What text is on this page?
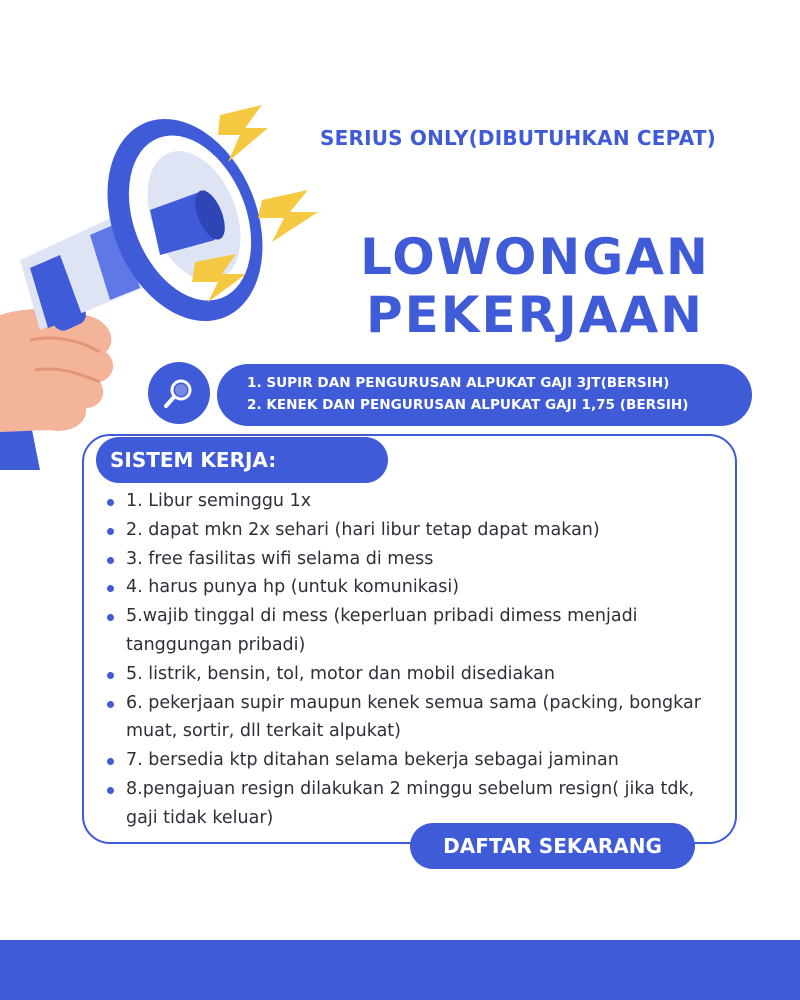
SERIUS ONLY(DIBUTUHKAN CEPAT)
LOWONGAN
PEKERJAAN
1. SUPIR DAN PENGURUSAN ALPUKAT GAJI 3JT(BERSIH)
2. KENEK DAN PENGURUSAN ALPUKAT GAJI 1,75 (BERSIH)
SISTEM KERJA:
1. Libur seminggu 1x
2. dapat mkn 2x sehari (hari libur tetap dapat makan)
3. free fasilitas wifi selama di mess
4. harus punya hp (untuk komunikasi)
5.wajib tinggal di mess (keperluan pribadi dimess menjadi tanggungan pribadi)
5. listrik, bensin, tol, motor dan mobil disediakan
6. pekerjaan supir maupun kenek semua sama (packing, bongkar muat, sortir, dll terkait alpukat)
7. bersedia ktp ditahan selama bekerja sebagai jaminan
8.pengajuan resign dilakukan 2 minggu sebelum resign( jika tdk, gaji tidak keluar)
DAFTAR SEKARANG
